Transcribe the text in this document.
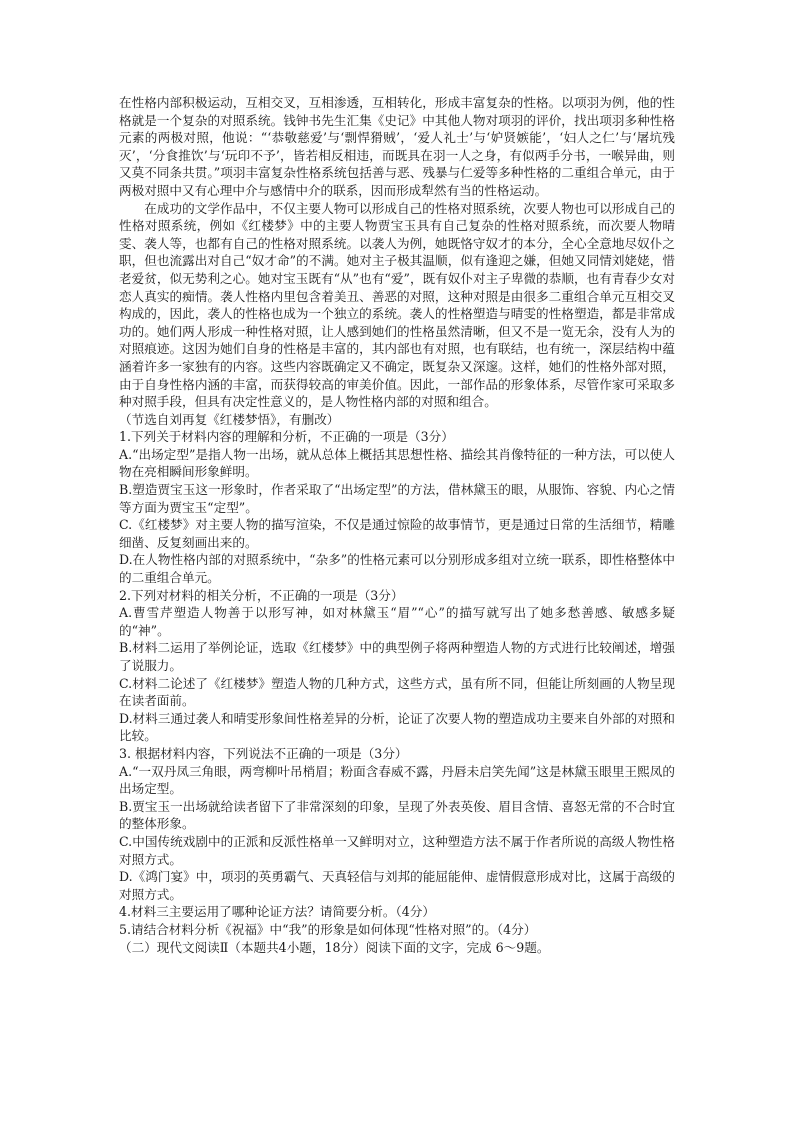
在性格内部积极运动，互相交叉，互相渗透，互相转化，形成丰富复杂的性格。以项羽为例，他的性格就是一个复杂的对照系统。钱钟书先生汇集《史记》中其他人物对项羽的评价，找出项羽多种性格元素的两极对照，他说：“‘恭敬慈爱’与‘剽悍猾贼’，‘爱人礼士’与‘妒贤嫉能’，‘妇人之仁’与‘屠坑残灭’，‘分食推饮’与‘玩印不予’，皆若相反相违，而既具在羽一人之身，有似两手分书，一喉异曲，则又莫不同条共贯。”项羽丰富复杂性格系统包括善与恶、残暴与仁爱等多种性格的二重组合单元，由于两极对照中又有心理中介与感情中介的联系，因而形成犁然有当的性格运动。

在成功的文学作品中，不仅主要人物可以形成自己的性格对照系统，次要人物也可以形成自己的性格对照系统，例如《红楼梦》中的主要人物贾宝玉具有自己复杂的性格对照系统，而次要人物晴雯、袭人等，也都有自己的性格对照系统。以袭人为例，她既恪守奴才的本分，全心全意地尽奴仆之职，但也流露出对自己“奴才命”的不满。她对主子极其温顺，似有逢迎之嫌，但她又同情刘姥姥，惜老爱贫，似无势利之心。她对宝玉既有“从”也有“爱”，既有奴仆对主子卑微的恭顺，也有青春少女对恋人真实的痴情。袭人性格内里包含着美丑、善恶的对照，这种对照是由很多二重组合单元互相交叉构成的，因此，袭人的性格也成为一个独立的系统。袭人的性格塑造与晴雯的性格塑造，都是非常成功的。她们两人形成一种性格对照，让人感到她们的性格虽然清晰，但又不是一览无余，没有人为的对照痕迹。这因为她们自身的性格是丰富的，其内部也有对照，也有联结，也有统一，深层结构中蕴涵着许多一家独有的内容。这些内容既确定又不确定，既复杂又深邃。这样，她们的性格外部对照，由于自身性格内涵的丰富，而获得较高的审美价值。因此，一部作品的形象体系，尽管作家可采取多种对照手段，但具有决定性意义的，是人物性格内部的对照和组合。

（节选自刘再复《红楼梦悟》，有删改）

1.下列关于材料内容的理解和分析，不正确的一项是（3分）

A.“出场定型”是指人物一出场，就从总体上概括其思想性格、描绘其肖像特征的一种方法，可以使人物在亮相瞬间形象鲜明。

B.塑造贾宝玉这一形象时，作者采取了“出场定型”的方法，借林黛玉的眼，从服饰、容貌、内心之情等方面为贾宝玉“定型”。

C.《红楼梦》对主要人物的描写渲染，不仅是通过惊险的故事情节，更是通过日常的生活细节，精雕细凿、反复刻画出来的。

D.在人物性格内部的对照系统中，“杂多”的性格元素可以分别形成多组对立统一联系，即性格整体中的二重组合单元。

2.下列对材料的相关分析，不正确的一项是（3分）

A.曹雪芹塑造人物善于以形写神，如对林黛玉“眉”“心”的描写就写出了她多愁善感、敏感多疑的“神”。

B.材料二运用了举例论证，选取《红楼梦》中的典型例子将两种塑造人物的方式进行比较阐述，增强了说服力。

C.材料二论述了《红楼梦》塑造人物的几种方式，这些方式，虽有所不同，但能让所刻画的人物呈现在读者面前。

D.材料三通过袭人和晴雯形象间性格差异的分析，论证了次要人物的塑造成功主要来自外部的对照和比较。

3. 根据材料内容，下列说法不正确的一项是（3分）

A.“一双丹凤三角眼，两弯柳叶吊梢眉；粉面含春威不露，丹唇未启笑先闻”这是林黛玉眼里王熙凤的出场定型。

B.贾宝玉一出场就给读者留下了非常深刻的印象，呈现了外表英俊、眉目含情、喜怒无常的不合时宜的整体形象。

C.中国传统戏剧中的正派和反派性格单一又鲜明对立，这种塑造方法不属于作者所说的高级人物性格对照方式。

D.《鸿门宴》中，项羽的英勇霸气、天真轻信与刘邦的能屈能伸、虚情假意形成对比，这属于高级的对照方式。

4.材料三主要运用了哪种论证方法？请简要分析。（4分）

5.请结合材料分析《祝福》中“我”的形象是如何体现“性格对照”的。（4分）

（二）现代文阅读Ⅱ（本题共4小题，18分）阅读下面的文字，完成 6～9题。
